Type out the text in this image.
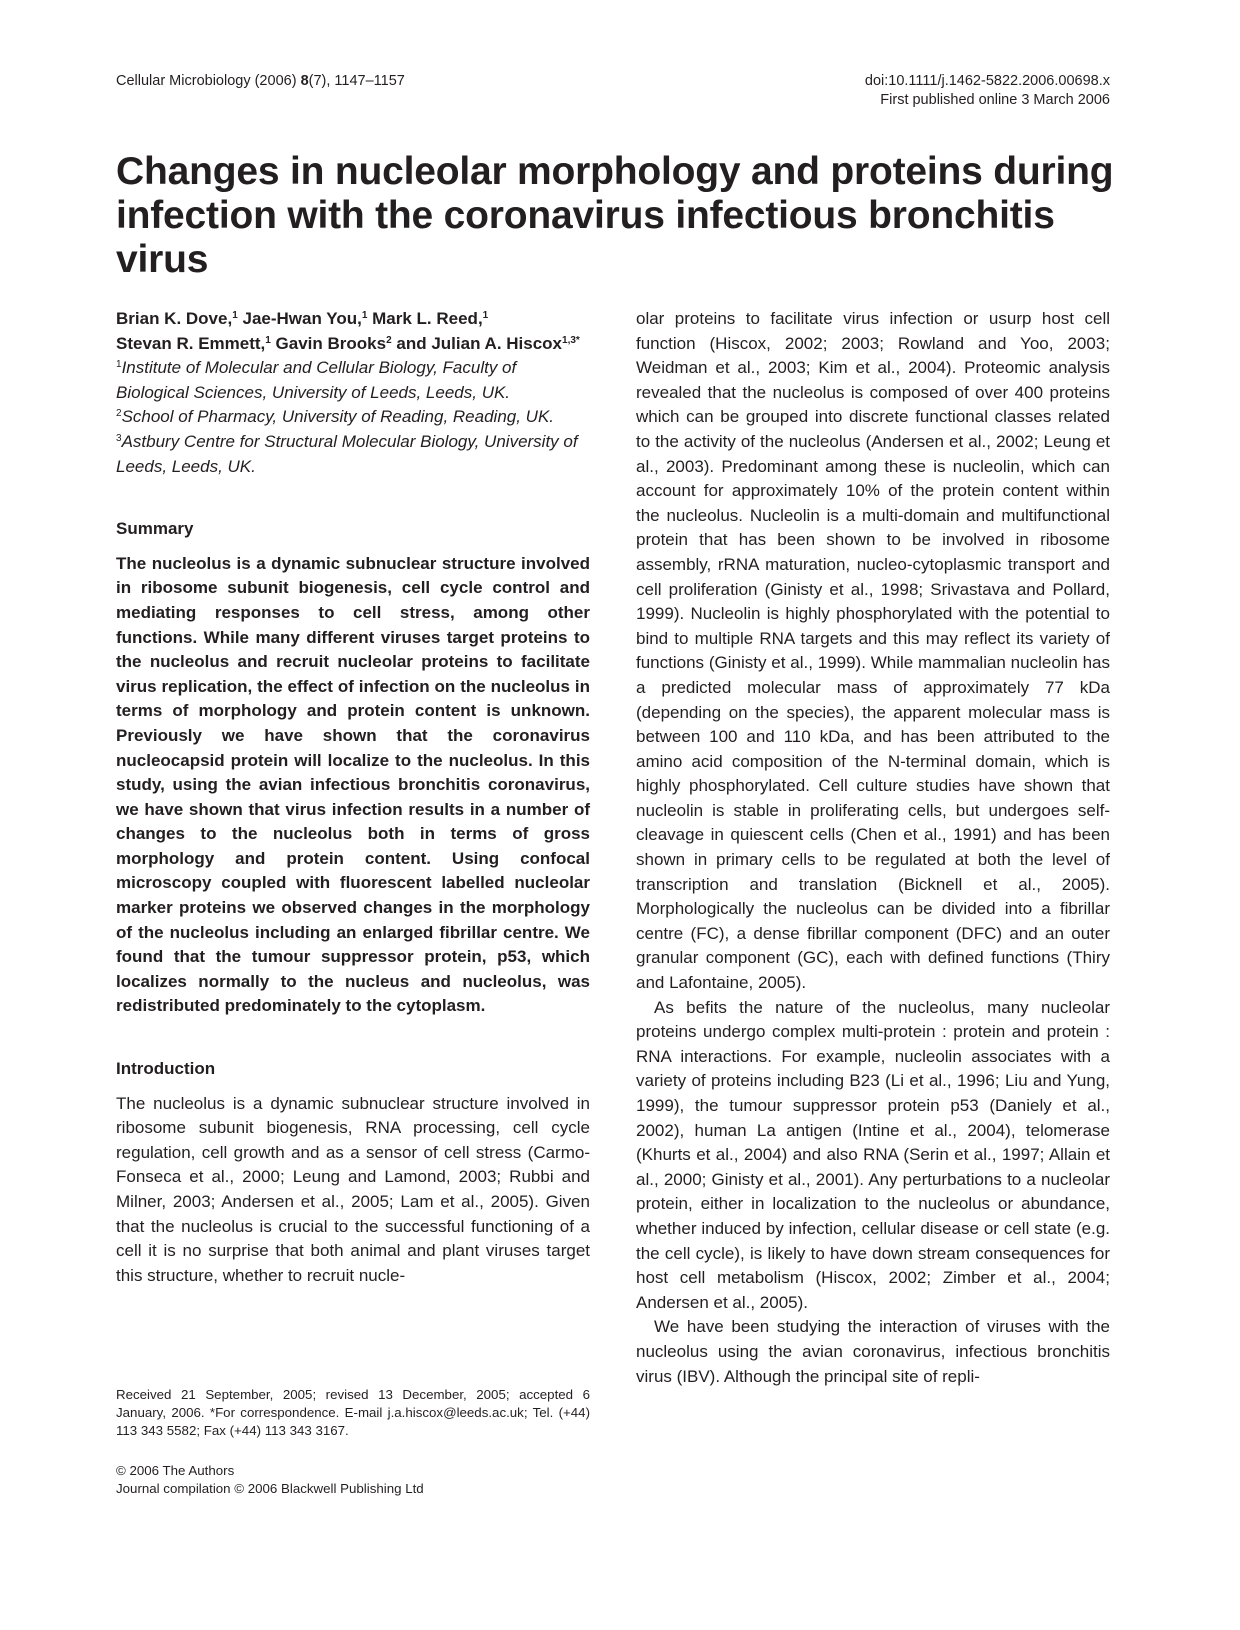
Cellular Microbiology (2006) 8(7), 1147–1157	doi:10.1111/j.1462-5822.2006.00698.x
First published online 3 March 2006
Changes in nucleolar morphology and proteins during infection with the coronavirus infectious bronchitis virus

Brian K. Dove,$^1$ Jae-Hwan You,$^1$ Mark L. Reed,$^1$
Stevan R. Emmett,$^1$ Gavin Brooks$^2$ and Julian A. Hiscox$^{1,3*}$

$^1$Institute of Molecular and Cellular Biology, Faculty of Biological Sciences, University of Leeds, Leeds, UK.

$^2$School of Pharmacy, University of Reading, Reading, UK.

$^3$Astbury Centre for Structural Molecular Biology, University of Leeds, Leeds, UK.

Summary

The nucleolus is a dynamic subnuclear structure involved in ribosome subunit biogenesis, cell cycle control and mediating responses to cell stress, among other functions. While many different viruses target proteins to the nucleolus and recruit nucleolar proteins to facilitate virus replication, the effect of infection on the nucleolus in terms of morphology and protein content is unknown. Previously we have shown that the coronavirus nucleocapsid protein will localize to the nucleolus. In this study, using the avian infectious bronchitis coronavirus, we have shown that virus infection results in a number of changes to the nucleolus both in terms of gross morphology and protein content. Using confocal microscopy coupled with fluorescent labelled nucleolar marker proteins we observed changes in the morphology of the nucleolus including an enlarged fibrillar centre. We found that the tumour suppressor protein, p53, which localizes normally to the nucleus and nucleolus, was redistributed predominately to the cytoplasm.

Introduction

The nucleolus is a dynamic subnuclear structure involved in ribosome subunit biogenesis, RNA processing, cell cycle regulation, cell growth and as a sensor of cell stress (Carmo-Fonseca et al., 2000; Leung and Lamond, 2003; Rubbi and Milner, 2003; Andersen et al., 2005; Lam et al., 2005). Given that the nucleolus is crucial to the successful functioning of a cell it is no surprise that both animal and plant viruses target this structure, whether to recruit nucle-

olar proteins to facilitate virus infection or usurp host cell function (Hiscox, 2002; 2003; Rowland and Yoo, 2003; Weidman et al., 2003; Kim et al., 2004). Proteomic analysis revealed that the nucleolus is composed of over 400 proteins which can be grouped into discrete functional classes related to the activity of the nucleolus (Andersen et al., 2002; Leung et al., 2003). Predominant among these is nucleolin, which can account for approximately 10% of the protein content within the nucleolus. Nucleolin is a multi-domain and multifunctional protein that has been shown to be involved in ribosome assembly, rRNA maturation, nucleo-cytoplasmic transport and cell proliferation (Ginisty et al., 1998; Srivastava and Pollard, 1999). Nucleolin is highly phosphorylated with the potential to bind to multiple RNA targets and this may reflect its variety of functions (Ginisty et al., 1999). While mammalian nucleolin has a predicted molecular mass of approximately 77 kDa (depending on the species), the apparent molecular mass is between 100 and 110 kDa, and has been attributed to the amino acid composition of the N-terminal domain, which is highly phosphorylated. Cell culture studies have shown that nucleolin is stable in proliferating cells, but undergoes self-cleavage in quiescent cells (Chen et al., 1991) and has been shown in primary cells to be regulated at both the level of transcription and translation (Bicknell et al., 2005). Morphologically the nucleolus can be divided into a fibrillar centre (FC), a dense fibrillar component (DFC) and an outer granular component (GC), each with defined functions (Thiry and Lafontaine, 2005).

As befits the nature of the nucleolus, many nucleolar proteins undergo complex multi-protein : protein and protein : RNA interactions. For example, nucleolin associates with a variety of proteins including B23 (Li et al., 1996; Liu and Yung, 1999), the tumour suppressor protein p53 (Daniely et al., 2002), human La antigen (Intine et al., 2004), telomerase (Khurts et al., 2004) and also RNA (Serin et al., 1997; Allain et al., 2000; Ginisty et al., 2001). Any perturbations to a nucleolar protein, either in localization to the nucleolus or abundance, whether induced by infection, cellular disease or cell state (e.g. the cell cycle), is likely to have down stream consequences for host cell metabolism (Hiscox, 2002; Zimber et al., 2004; Andersen et al., 2005).

We have been studying the interaction of viruses with the nucleolus using the avian coronavirus, infectious bronchitis virus (IBV). Although the principal site of repli-

Received 21 September, 2005; revised 13 December, 2005; accepted 6 January, 2006. *For correspondence. E-mail j.a.hiscox@leeds.ac.uk; Tel. (+44) 113 343 5582; Fax (+44) 113 343 3167.
© 2006 The Authors
Journal compilation © 2006 Blackwell Publishing Ltd
